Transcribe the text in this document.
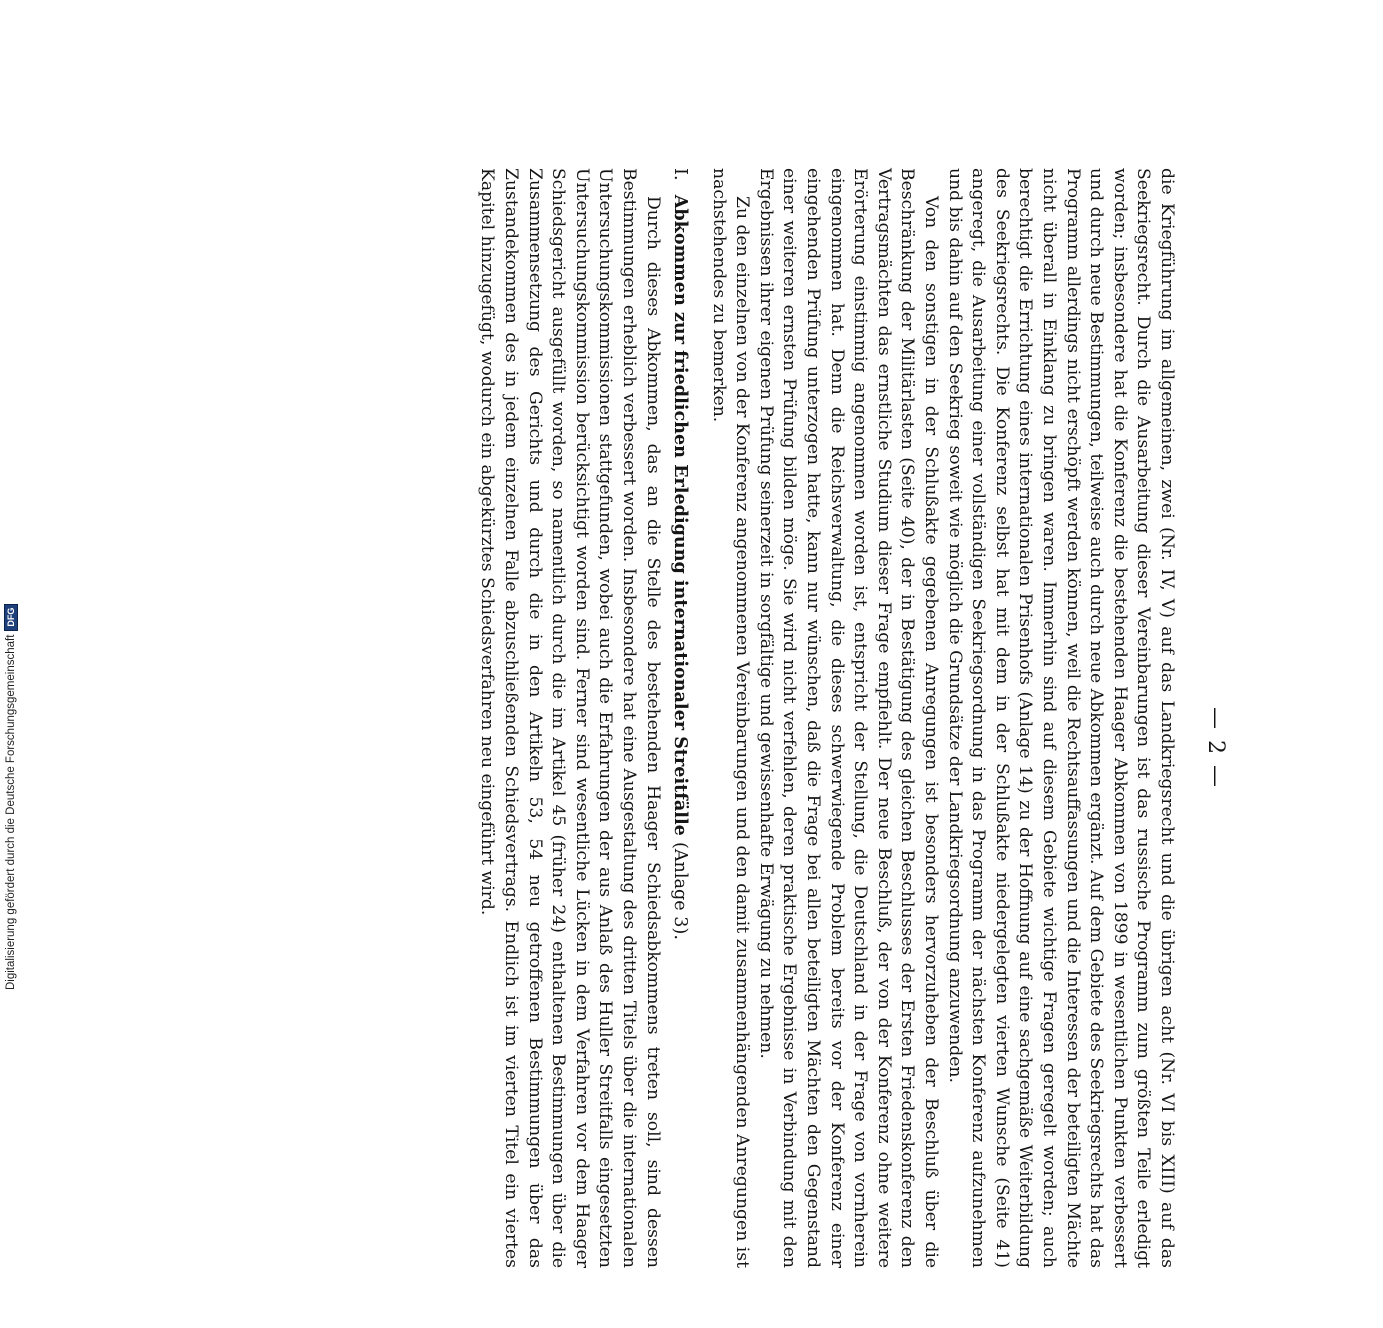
— 2 —

die Kriegführung im allgemeinen, zwei (Nr. IV, V) auf das Landkriegsrecht und die übrigen acht (Nr. VI bis XIII) auf das Seekriegsrecht. Durch die Ausarbeitung dieser Vereinbarungen ist das russische Programm zum größten Teile erledigt worden; insbesondere hat die Konferenz die bestehenden Haager Abkommen von 1899 in wesentlichen Punkten verbessert und durch neue Bestimmungen, teilweise auch durch neue Abkommen ergänzt. Auf dem Gebiete des Seekriegsrechts hat das Programm allerdings nicht erschöpft werden können, weil die Rechtsauffassungen und die Interessen der beteiligten Mächte nicht überall in Einklang zu bringen waren. Immerhin sind auf diesem Gebiete wichtige Fragen geregelt worden; auch berechtigt die Errichtung eines internationalen Prisenhofs (Anlage 14) zu der Hoffnung auf eine sachgemäße Weiterbildung des Seekriegsrechts. Die Konferenz selbst hat mit dem in der Schlußakte niedergelegten vierten Wunsche (Seite 41) angeregt, die Ausarbeitung einer vollständigen Seekriegsordnung in das Programm der nächsten Konferenz aufzunehmen und bis dahin auf den Seekrieg soweit wie möglich die Grundsätze der Landkriegsordnung anzuwenden.

Von den sonstigen in der Schlußakte gegebenen Anregungen ist besonders hervorzuheben der Beschluß über die Beschränkung der Militärlasten (Seite 40), der in Bestätigung des gleichen Beschlusses der Ersten Friedenskonferenz den Vertragsmächten das ernstliche Studium dieser Frage empfiehlt. Der neue Beschluß, der von der Konferenz ohne weitere Erörterung einstimmig angenommen worden ist, entspricht der Stellung, die Deutschland in der Frage von vornherein eingenommen hat. Denn die Reichsverwaltung, die dieses schwerwiegende Problem bereits vor der Konferenz einer eingehenden Prüfung unterzogen hatte, kann nur wünschen, daß die Frage bei allen beteiligten Mächten den Gegenstand einer weiteren ernsten Prüfung bilden möge. Sie wird nicht verfehlen, deren praktische Ergebnisse in Verbindung mit den Ergebnissen ihrer eigenen Prüfung seinerzeit in sorgfältige und gewissenhafte Erwägung zu nehmen.

Zu den einzelnen von der Konferenz angenommenen Vereinbarungen und den damit zusammenhängenden Anregungen ist nachstehendes zu bemerken.

I. Abkommen zur friedlichen Erledigung internationaler Streitfälle (Anlage 3).

Durch dieses Abkommen, das an die Stelle des bestehenden Haager Schiedsabkommens treten soll, sind dessen Bestimmungen erheblich verbessert worden. Insbesondere hat eine Ausgestaltung des dritten Titels über die internationalen Untersuchungskommissionen stattgefunden, wobei auch die Erfahrungen der aus Anlaß des Huller Streitfalls eingesetzten Untersuchungskommission berücksichtigt worden sind. Ferner sind wesentliche Lücken in dem Verfahren vor dem Haager Schiedsgericht ausgefüllt worden, so namentlich durch die im Artikel 45 (früher 24) enthaltenen Bestimmungen über die Zusammensetzung des Gerichts und durch die in den Artikeln 53, 54 neu getroffenen Bestimmungen über das Zustandekommen des in jedem einzelnen Falle abzuschließenden Schiedsvertrags. Endlich ist im vierten Titel ein viertes Kapitel hinzugefügt, wodurch ein abgekürztes Schiedsverfahren neu eingeführt wird.

Digitalisierung gefördert durch die Deutsche Forschungsgemeinschaft
DFG
